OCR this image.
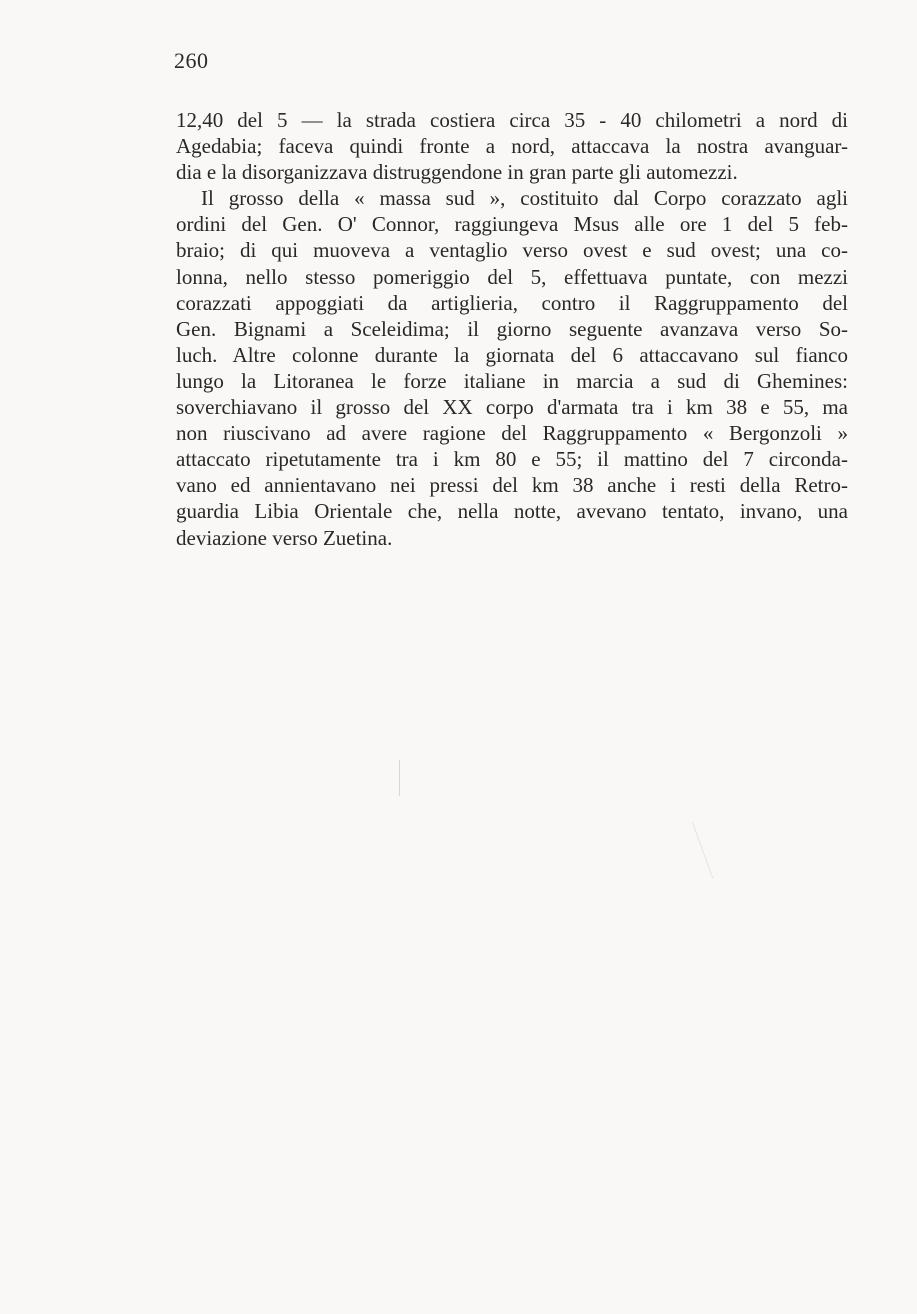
260
12,40 del 5 — la strada costiera circa 35 - 40 chilometri a nord di
Agedabia; faceva quindi fronte a nord, attaccava la nostra avanguar-
dia e la disorganizzava distruggendone in gran parte gli automezzi.
Il grosso della « massa sud », costituito dal Corpo corazzato agli
ordini del Gen. O' Connor, raggiungeva Msus alle ore 1 del 5 feb-
braio; di qui muoveva a ventaglio verso ovest e sud ovest; una co-
lonna, nello stesso pomeriggio del 5, effettuava puntate, con mezzi
corazzati appoggiati da artiglieria, contro il Raggruppamento del
Gen. Bignami a Sceleidima; il giorno seguente avanzava verso So-
luch. Altre colonne durante la giornata del 6 attaccavano sul fianco
lungo la Litoranea le forze italiane in marcia a sud di Ghemines:
soverchiavano il grosso del XX corpo d'armata tra i km 38 e 55, ma
non riuscivano ad avere ragione del Raggruppamento « Bergonzoli »
attaccato ripetutamente tra i km 80 e 55; il mattino del 7 circonda-
vano ed annientavano nei pressi del km 38 anche i resti della Retro-
guardia Libia Orientale che, nella notte, avevano tentato, invano, una
deviazione verso Zuetina.
